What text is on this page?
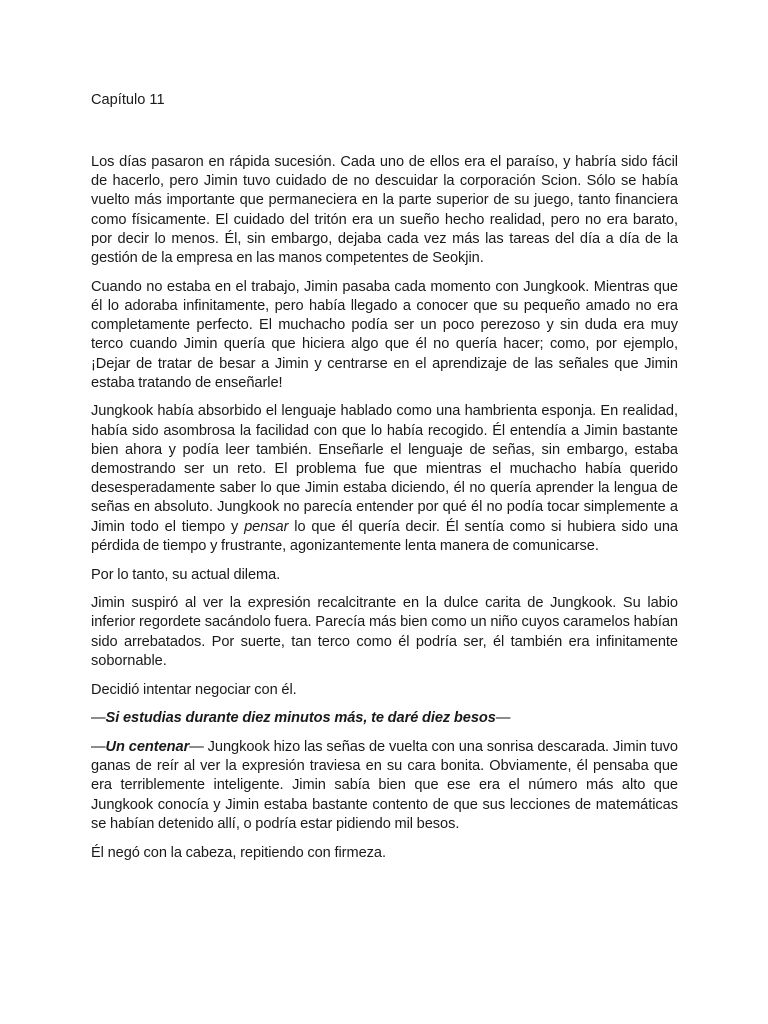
Capítulo 11

Los días pasaron en rápida sucesión. Cada uno de ellos era el paraíso, y habría sido fácil de hacerlo, pero Jimin tuvo cuidado de no descuidar la corporación Scion. Sólo se había vuelto más importante que permaneciera en la parte superior de su juego, tanto financiera como físicamente. El cuidado del tritón era un sueño hecho realidad, pero no era barato, por decir lo menos. Él, sin embargo, dejaba cada vez más las tareas del día a día de la gestión de la empresa en las manos competentes de Seokjin.

Cuando no estaba en el trabajo, Jimin pasaba cada momento con Jungkook. Mientras que él lo adoraba infinitamente, pero había llegado a conocer que su pequeño amado no era completamente perfecto. El muchacho podía ser un poco perezoso y sin duda era muy terco cuando Jimin quería que hiciera algo que él no quería hacer; como, por ejemplo, ¡Dejar de tratar de besar a Jimin y centrarse en el aprendizaje de las señales que Jimin estaba tratando de enseñarle!

Jungkook había absorbido el lenguaje hablado como una hambrienta esponja. En realidad, había sido asombrosa la facilidad con que lo había recogido. Él entendía a Jimin bastante bien ahora y podía leer también. Enseñarle el lenguaje de señas, sin embargo, estaba demostrando ser un reto. El problema fue que mientras el muchacho había querido desesperadamente saber lo que Jimin estaba diciendo, él no quería aprender la lengua de señas en absoluto. Jungkook no parecía entender por qué él no podía tocar simplemente a Jimin todo el tiempo y pensar lo que él quería decir. Él sentía como si hubiera sido una pérdida de tiempo y frustrante, agonizantemente lenta manera de comunicarse.

Por lo tanto, su actual dilema.

Jimin suspiró al ver la expresión recalcitrante en la dulce carita de Jungkook. Su labio inferior regordete sacándolo fuera. Parecía más bien como un niño cuyos caramelos habían sido arrebatados. Por suerte, tan terco como él podría ser, él también era infinitamente sobornable.

Decidió intentar negociar con él.

—Si estudias durante diez minutos más, te daré diez besos—

—Un centenar— Jungkook hizo las señas de vuelta con una sonrisa descarada. Jimin tuvo ganas de reír al ver la expresión traviesa en su cara bonita. Obviamente, él pensaba que era terriblemente inteligente. Jimin sabía bien que ese era el número más alto que Jungkook conocía y Jimin estaba bastante contento de que sus lecciones de matemáticas se habían detenido allí, o podría estar pidiendo mil besos.

Él negó con la cabeza, repitiendo con firmeza.
